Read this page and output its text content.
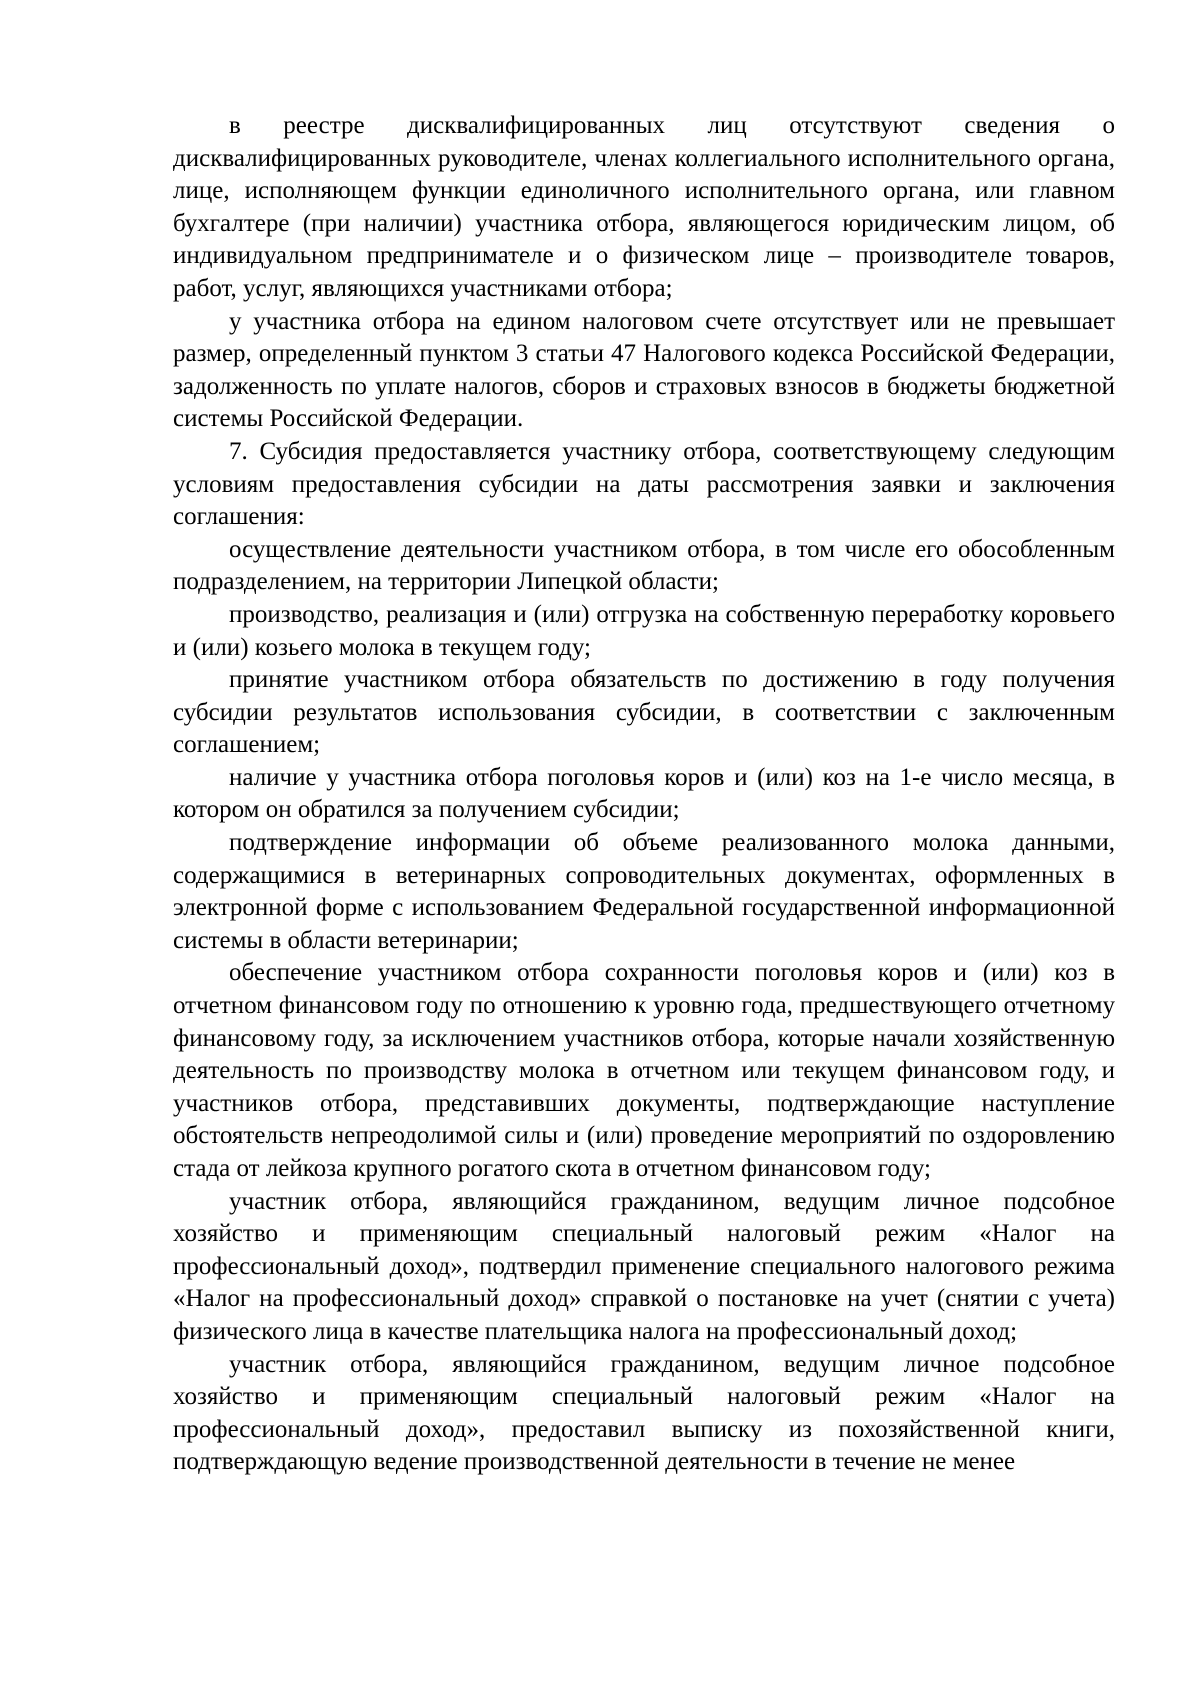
в реестре дисквалифицированных лиц отсутствуют сведения о дисквалифицированных руководителе, членах коллегиального исполнительного органа, лице, исполняющем функции единоличного исполнительного органа, или главном бухгалтере (при наличии) участника отбора, являющегося юридическим лицом, об индивидуальном предпринимателе и о физическом лице – производителе товаров, работ, услуг, являющихся участниками отбора;

у участника отбора на едином налоговом счете отсутствует или не превышает размер, определенный пунктом 3 статьи 47 Налогового кодекса Российской Федерации, задолженность по уплате налогов, сборов и страховых взносов в бюджеты бюджетной системы Российской Федерации.

7. Субсидия предоставляется участнику отбора, соответствующему следующим условиям предоставления субсидии на даты рассмотрения заявки и заключения соглашения:

осуществление деятельности участником отбора, в том числе его обособленным подразделением, на территории Липецкой области;

производство, реализация и (или) отгрузка на собственную переработку коровьего и (или) козьего молока в текущем году;

принятие участником отбора обязательств по достижению в году получения субсидии результатов использования субсидии, в соответствии с заключенным соглашением;

наличие у участника отбора поголовья коров и (или) коз на 1-е число месяца, в котором он обратился за получением субсидии;

подтверждение информации об объеме реализованного молока данными, содержащимися в ветеринарных сопроводительных документах, оформленных в электронной форме с использованием Федеральной государственной информационной системы в области ветеринарии;

обеспечение участником отбора сохранности поголовья коров и (или) коз в отчетном финансовом году по отношению к уровню года, предшествующего отчетному финансовому году, за исключением участников отбора, которые начали хозяйственную деятельность по производству молока в отчетном или текущем финансовом году, и участников отбора, представивших документы, подтверждающие наступление обстоятельств непреодолимой силы и (или) проведение мероприятий по оздоровлению стада от лейкоза крупного рогатого скота в отчетном финансовом году;

участник отбора, являющийся гражданином, ведущим личное подсобное хозяйство и применяющим специальный налоговый режим «Налог на профессиональный доход», подтвердил применение специального налогового режима «Налог на профессиональный доход» справкой о постановке на учет (снятии с учета) физического лица в качестве плательщика налога на профессиональный доход;

участник отбора, являющийся гражданином, ведущим личное подсобное хозяйство и применяющим специальный налоговый режим «Налог на профессиональный доход», предоставил выписку из похозяйственной книги, подтверждающую ведение производственной деятельности в течение не менее
